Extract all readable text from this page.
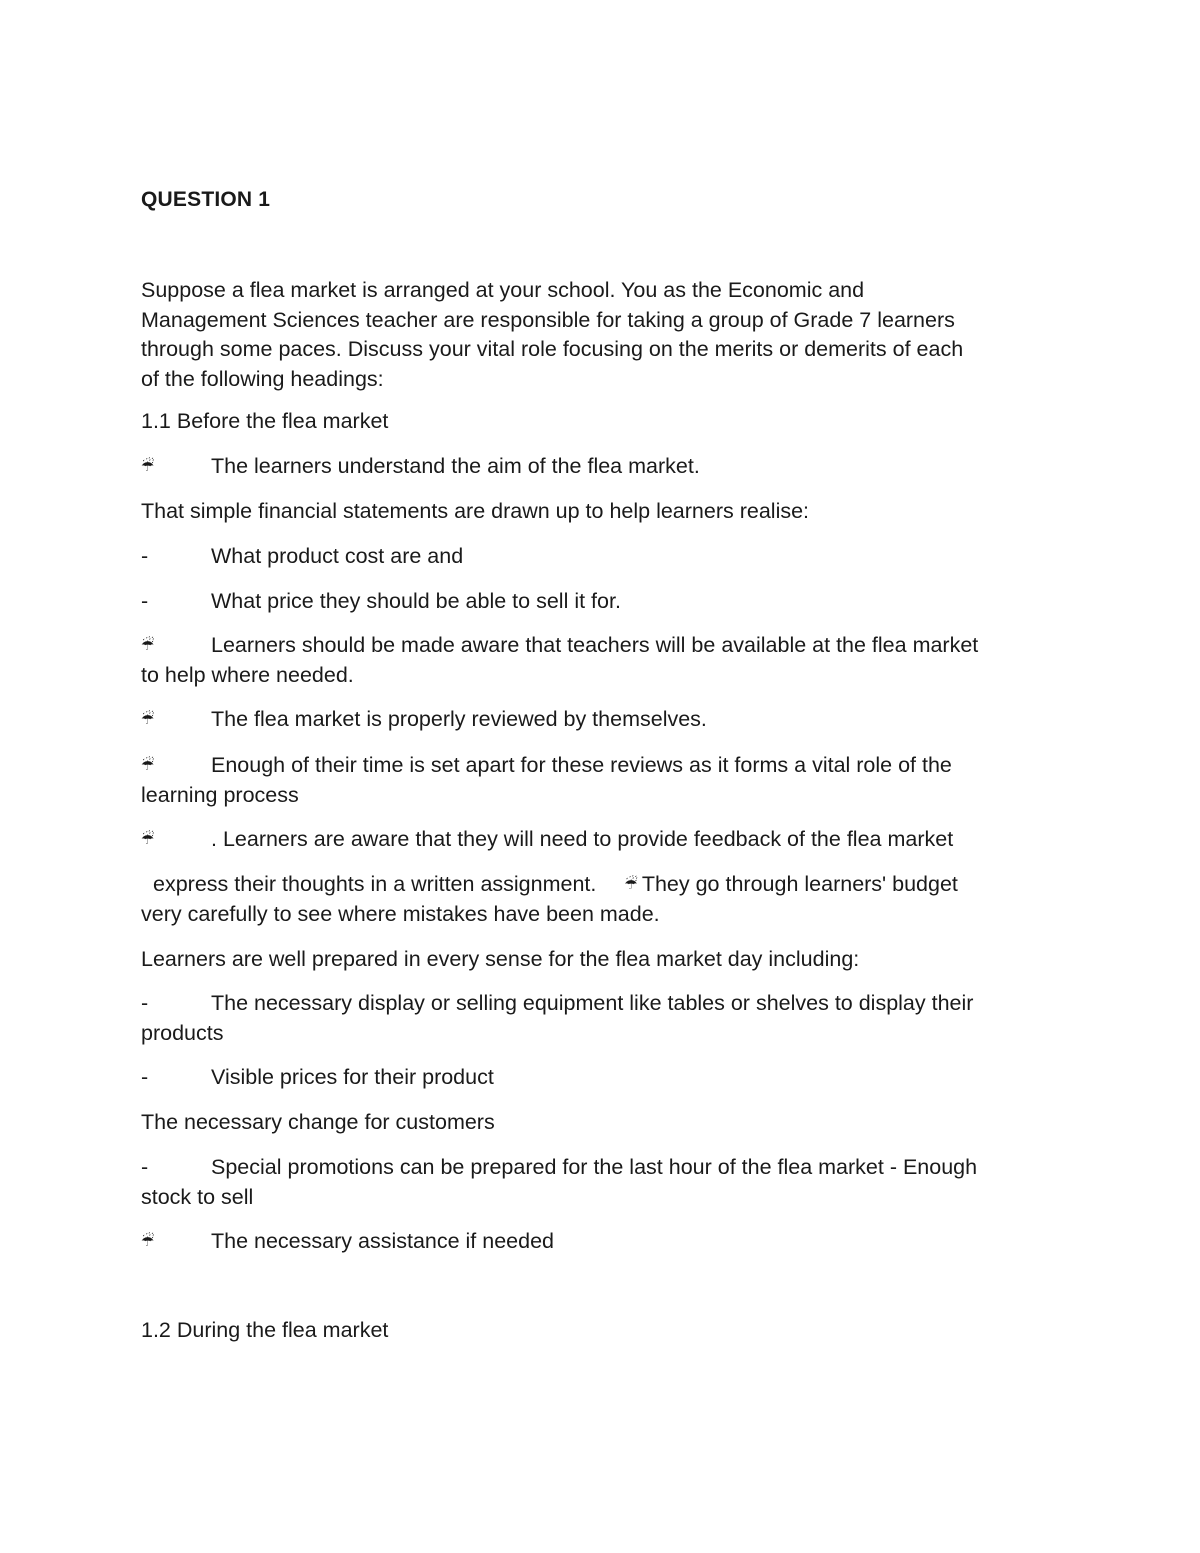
QUESTION 1
Suppose a flea market is arranged at your school. You as the Economic and
Management Sciences teacher are responsible for taking a group of Grade 7 learners
through some paces. Discuss your vital role focusing on the merits or demerits of each
of the following headings:
1.1 Before the flea market
☔	The learners understand the aim of the flea market.
That simple financial statements are drawn up to help learners realise:
-	What product cost are and
-	What price they should be able to sell it for.
☔	Learners should be made aware that teachers will be available at the flea market
to help where needed.
☔	The flea market is properly reviewed by themselves.
☔	Enough of their time is set apart for these reviews as it forms a vital role of the
learning process
☔	. Learners are aware that they will need to provide feedback of the flea market
express their thoughts in a written assignment. ☔ They go through learners' budget
very carefully to see where mistakes have been made.
Learners are well prepared in every sense for the flea market day including:
-	The necessary display or selling equipment like tables or shelves to display their
products
-	Visible prices for their product
The necessary change for customers
-	Special promotions can be prepared for the last hour of the flea market - Enough
stock to sell
☔	The necessary assistance if needed
1.2 During the flea market
